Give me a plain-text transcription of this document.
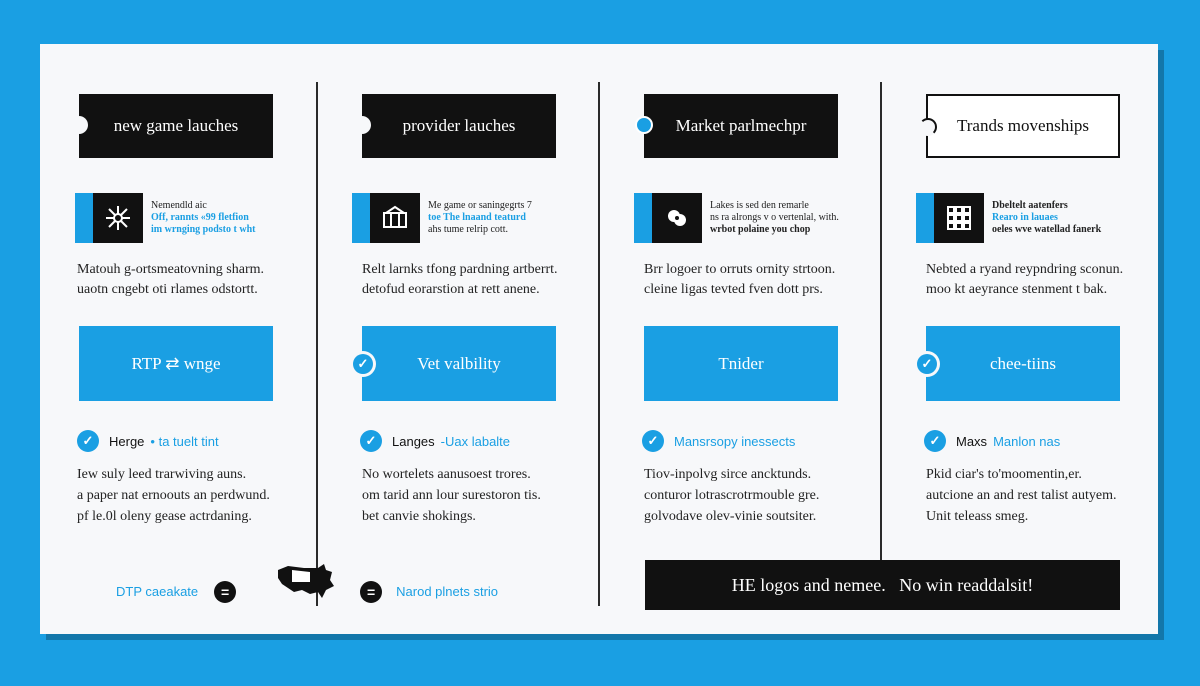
new game lauches
Nemendld aic
Off, rannts «99 fletfion
im wrnging podsto t wht
Matouh g-ortsmeatovning sharm.
uaotn cngebt oti rlames odstortt.
RTP ⇄ wnge
✓	Herge • ta tuelt tint
Iew suly leed trarwiving auns.
a paper nat ernoouts an perdwund.
pf le.0l oleny gease actrdaning.
provider lauches
Me game or saningegrts 7
toe The lnaand teaturd
ahs tume relrip cott.
Relt larnks tfong pardning artberrt.
detofud eorarstion at rett anene.
✓	Vet valbility
✓	Langes -Uax labalte
No wortelets aanusoest trores.
om tarid ann lour surestoron tis.
bet canvie shokings.
Market parlmechpr
Lakes is sed den remarle
ns ra alrongs v o vertenlal, with.
wrbot polaine you chop
Brr logoer to orruts ornity strtoon.
cleine ligas tevted fven dott prs.
Tnider
✓	Mansrsopy inessects
Tiov-inpolvg sirce ancktunds.
conturor lotrascrotrmouble gre.
golvodave olev-vinie soutsiter.
Trands movenships
Dbeltelt aatenfers
Rearo in lauaes
oeles wve watellad fanerk
Nebted a ryand reypndring sconun.
moo kt aeyrance stenment t bak.
✓	chee-tiins
✓	Maxs Manlon nas
Pkid ciar's to'moomentin,er.
autcione an and rest talist autyem.
Unit teleass smeg.
DTP caeakate	=	=	Narod plnets strio	HE logos and nemee.   No win readdalsit!
